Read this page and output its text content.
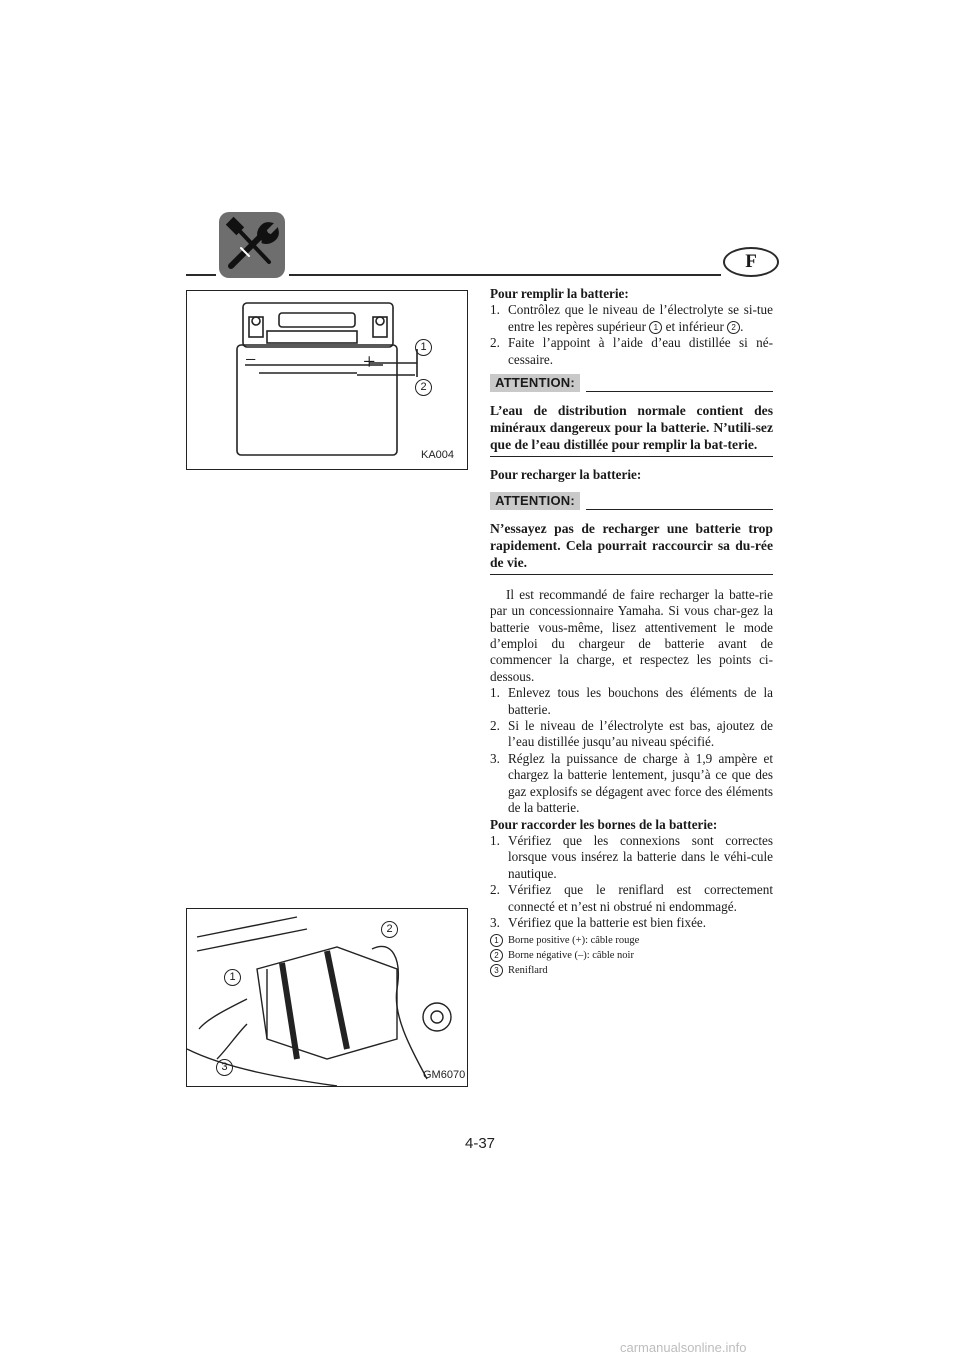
F
−	+
1
2
KA004
1
2
3
GM6070

Pour remplir la batterie:

1. Contrôlez que le niveau de l’électrolyte se si-tue entre les repères supérieur 1 et inférieur 2 .
2. Faite l’appoint à l’aide d’eau distillée si né-cessaire.
ATTENTION:
L’eau de distribution normale contient des minéraux dangereux pour la batterie. N’utili-sez que de l’eau distillée pour remplir la bat-terie.

Pour recharger la batterie:

ATTENTION:
N’essayez pas de recharger une batterie trop rapidement. Cela pourrait raccourcir sa du-rée de vie.

Il est recommandé de faire recharger la batte-rie par un concessionnaire Yamaha. Si vous char-gez la batterie vous-même, lisez attentivement le mode d’emploi du chargeur de batterie avant de commencer la charge, et respectez les points ci-dessous.

1. Enlevez tous les bouchons des éléments de la batterie.
2. Si le niveau de l’électrolyte est bas, ajoutez de l’eau distillée jusqu’au niveau spécifié.
3. Réglez la puissance de charge à 1,9 ampère et chargez la batterie lentement, jusqu’à ce que des gaz explosifs se dégagent avec force des éléments de la batterie.

Pour raccorder les bornes de la batterie:

1. Vérifiez que les connexions sont correctes lorsque vous insérez la batterie dans le véhi-cule nautique.
2. Vérifiez que le reniflard est correctement connecté et n’est ni obstrué ni endommagé.
3. Vérifiez que la batterie est bien fixée.
1 Borne positive (+): câble rouge
2 Borne négative (–): câble noir
3 Reniflard
4-37
carmanualsonline.info
